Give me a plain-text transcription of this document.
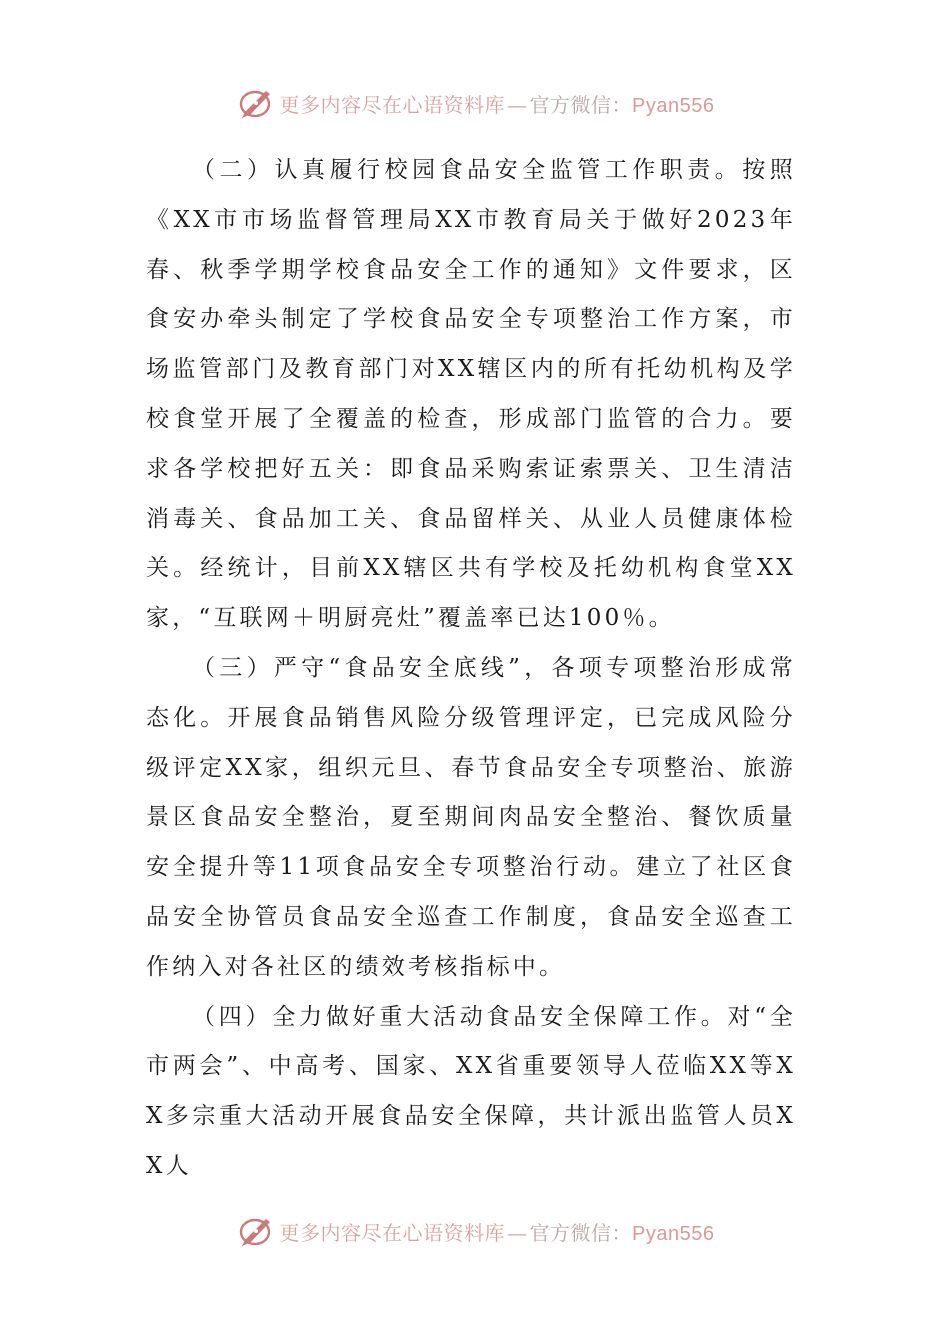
更多内容尽在心语资料库 — 官方微信： Pyan556

（二）认真履行校园食品安全监管工作职责。按照《XX市市场监督管理局XX市教育局关于做好2023年春、秋季学期学校食品安全工作的通知》文件要求，区食安办牵头制定了学校食品安全专项整治工作方案，市场监管部门及教育部门对XX辖区内的所有托幼机构及学校食堂开展了全覆盖的检查，形成部门监管的合力。要求各学校把好五关：即食品采购索证索票关、卫生清洁消毒关、食品加工关、食品留样关、从业人员健康体检关。经统计，目前XX辖区共有学校及托幼机构食堂XX家，“互联网＋明厨亮灶”覆盖率已达100％。

（三）严守“食品安全底线”，各项专项整治形成常态化。开展食品销售风险分级管理评定，已完成风险分级评定XX家，组织元旦、春节食品安全专项整治、旅游景区食品安全整治，夏至期间肉品安全整治、餐饮质量安全提升等11项食品安全专项整治行动。建立了社区食品安全协管员食品安全巡查工作制度，食品安全巡查工作纳入对各社区的绩效考核指标中。

（四）全力做好重大活动食品安全保障工作。对“全市两会”、中高考、国家、XX省重要领导人莅临XX等XX多宗重大活动开展食品安全保障，共计派出监管人员XX人

更多内容尽在心语资料库 — 官方微信： Pyan556
